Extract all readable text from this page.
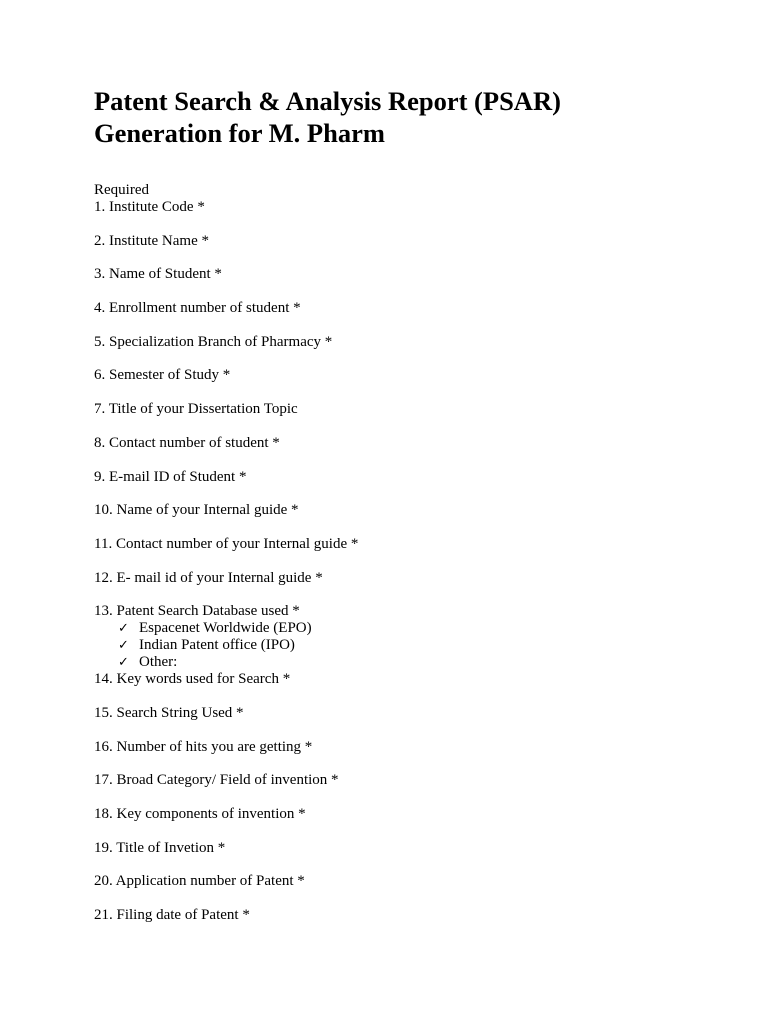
Patent Search & Analysis Report (PSAR)
Generation for M. Pharm

Required

1. Institute Code *
2. Institute Name *
3. Name of Student *
4. Enrollment number of student *
5. Specialization Branch of Pharmacy *
6. Semester of Study *
7. Title of your Dissertation Topic
8. Contact number of student *
9. E-mail ID of Student *
10. Name of your Internal guide *
11. Contact number of your Internal guide *
12. E- mail id of your Internal guide *
13. Patent Search Database used *
✓ Espacenet Worldwide (EPO)
✓ Indian Patent office (IPO)
✓ Other:
14. Key words used for Search *
15. Search String Used *
16. Number of hits you are getting *
17. Broad Category/ Field of invention *
18. Key components of invention *
19. Title of Invetion *
20. Application number of Patent *
21. Filing date of Patent *
